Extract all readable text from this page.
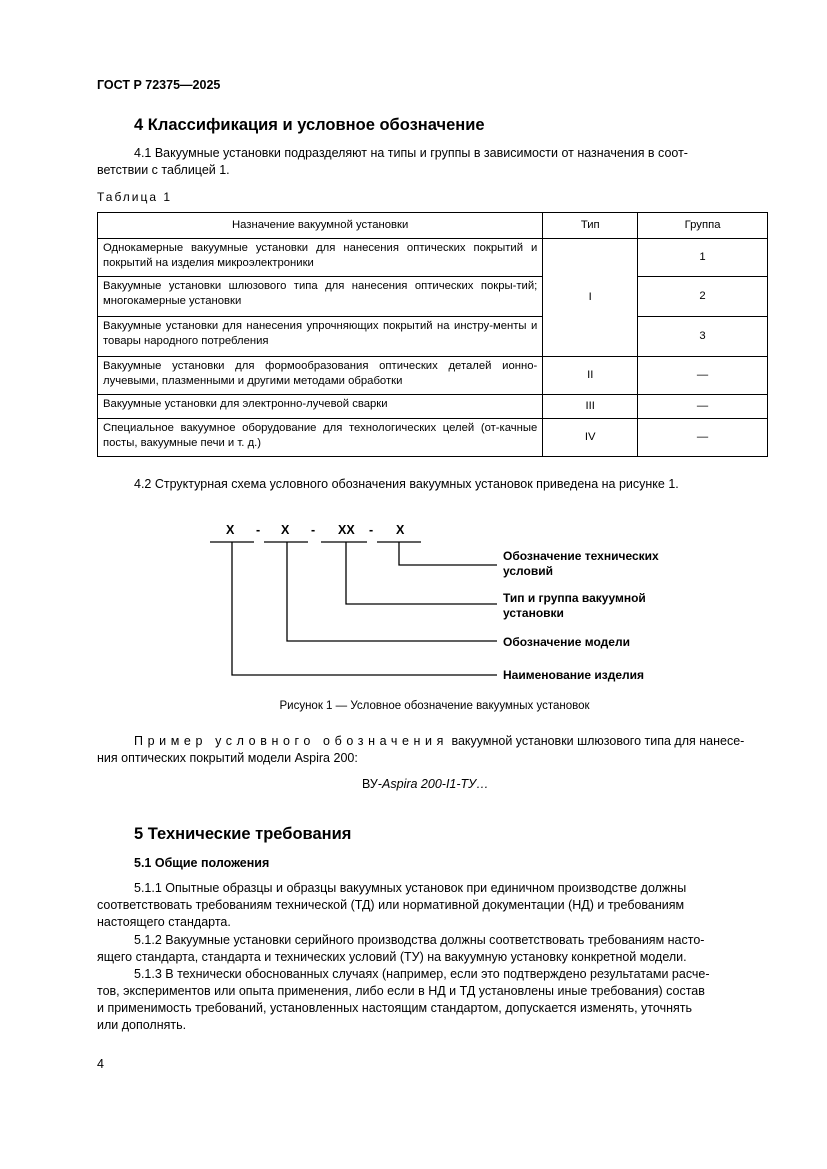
ГОСТ Р 72375—2025
4 Классификация и условное обозначение
4.1 Вакуумные установки подразделяют на типы и группы в зависимости от назначения в соот-
ветствии с таблицей 1.
Таблица 1
Назначение вакуумной установки	Тип	Группа
Однокамерные вакуумные установки для нанесения оптических покрытий и покрытий на изделия микроэлектроники	I	1
Вакуумные установки шлюзового типа для нанесения оптических покры-тий; многокамерные установки		2
Вакуумные установки для нанесения упрочняющих покрытий на инстру-менты и товары народного потребления		3
Вакуумные установки для формообразования оптических деталей ионно-лучевыми, плазменными и другими методами обработки	II	—
Вакуумные установки для электронно-лучевой сварки	III	—
Специальное вакуумное оборудование для технологических целей (от-качные посты, вакуумные печи и т. д.)	IV	—
4.2 Структурная схема условного обозначения вакуумных установок приведена на рисунке 1.
X - X - XX - X
Обозначение технических
условий
Тип и группа вакуумной
установки
Обозначение модели
Наименование изделия
Рисунок 1 — Условное обозначение вакуумных установок
Пример условного обозначения вакуумной установки шлюзового типа для нанесе-
ния оптических покрытий модели Aspira 200:
ВУ-Aspira 200-I1-ТУ…
5 Технические требования
5.1 Общие положения
5.1.1 Опытные образцы и образцы вакуумных установок при единичном производстве должны
соответствовать требованиям технической (ТД) или нормативной документации (НД) и требованиям
настоящего стандарта.
5.1.2 Вакуумные установки серийного производства должны соответствовать требованиям насто-
ящего стандарта, стандарта и технических условий (ТУ) на вакуумную установку конкретной модели.
5.1.3 В технически обоснованных случаях (например, если это подтверждено результатами расче-
тов, экспериментов или опыта применения, либо если в НД и ТД установлены иные требования) состав
и применимость требований, установленных настоящим стандартом, допускается изменять, уточнять
или дополнять.
4
